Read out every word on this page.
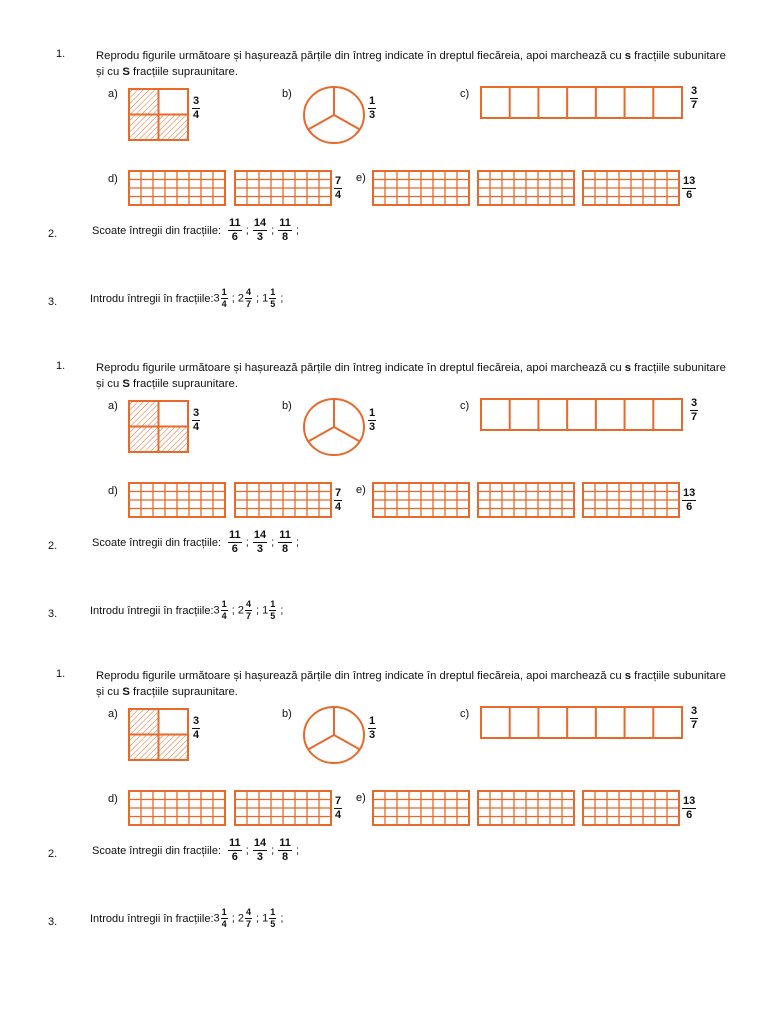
1.	Reprodu figurile următoare și hașurează părțile din întreg indicate în dreptul fiecăreia, apoi marchează cu s fracțiile subunitare și cu S fracțiile supraunitare.
a)
$\frac{3}{4}$
b)
$\frac{1}{3}$
c)	$\frac{3}{7}$
d)	$\frac{7}{4} e$)	$\frac{13}{6}$
2.	Scoate întregii din fracțiile: $\frac{11}{6}$ ; $\frac{14}{3}$ ; $\frac{11}{8}$ ;
3.	Introdu întregii în fracțiile: $3 \frac{1}{4}$ ; $2 \frac{4}{7}$ ; $1 \frac{1}{5}$ ;
1.	Reprodu figurile următoare și hașurează părțile din întreg indicate în dreptul fiecăreia, apoi marchează cu s fracțiile subunitare și cu S fracțiile supraunitare.
a)
$\frac{3}{4}$
b)
$\frac{1}{3}$
c)	$\frac{3}{7}$
d)	$\frac{7}{4} e$)	$\frac{13}{6}$
2.	Scoate întregii din fracțiile: $\frac{11}{6}$ ; $\frac{14}{3}$ ; $\frac{11}{8}$ ;
3.	Introdu întregii în fracțiile: $3 \frac{1}{4}$ ; $2 \frac{4}{7}$ ; $1 \frac{1}{5}$ ;
1.	Reprodu figurile următoare și hașurează părțile din întreg indicate în dreptul fiecăreia, apoi marchează cu s fracțiile subunitare și cu S fracțiile supraunitare.
a)
$\frac{3}{4}$
b)
$\frac{1}{3}$
c)	$\frac{3}{7}$
d)	$\frac{7}{4} e$)	$\frac{13}{6}$
2.	Scoate întregii din fracțiile: $\frac{11}{6}$ ; $\frac{14}{3}$ ; $\frac{11}{8}$ ;
3.	Introdu întregii în fracțiile: $3 \frac{1}{4}$ ; $2 \frac{4}{7}$ ; $1 \frac{1}{5}$ ;
